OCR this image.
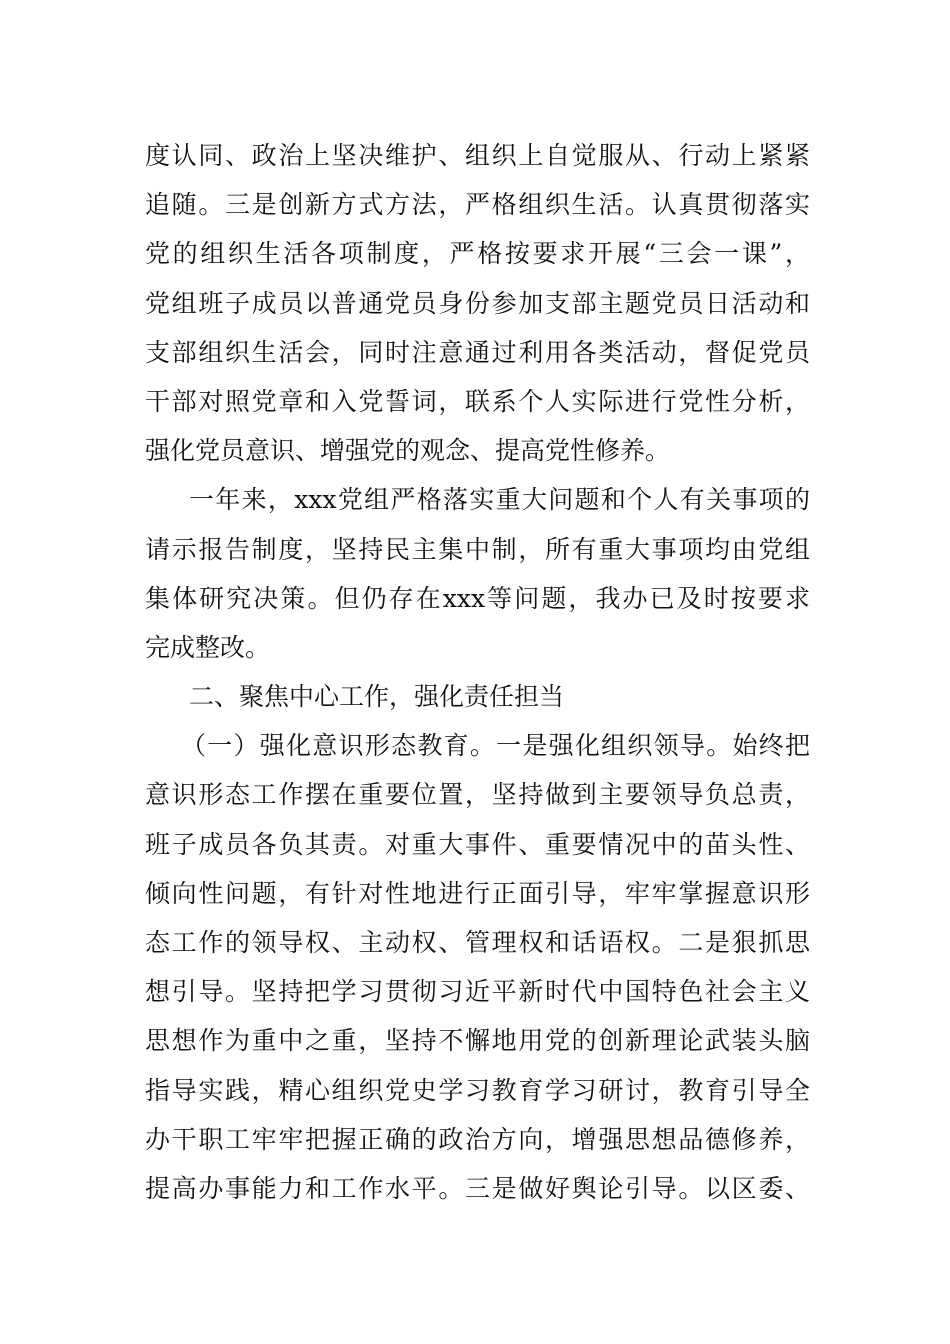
度认同、政治上坚决维护、组织上自觉服从、行动上紧紧
追随。三是创新方式方法，严格组织生活。认真贯彻落实
党的组织生活各项制度，严格按要求开展“三会一课”，
党组班子成员以普通党员身份参加支部主题党员日活动和
支部组织生活会，同时注意通过利用各类活动，督促党员
干部对照党章和入党誓词，联系个人实际进行党性分析，
强化党员意识、增强党的观念、提高党性修养。
一年来，xxx党组严格落实重大问题和个人有关事项的
请示报告制度，坚持民主集中制，所有重大事项均由党组
集体研究决策。但仍存在xxx等问题，我办已及时按要求
完成整改。
二、聚焦中心工作，强化责任担当
（一）强化意识形态教育。一是强化组织领导。始终把
意识形态工作摆在重要位置，坚持做到主要领导负总责，
班子成员各负其责。对重大事件、重要情况中的苗头性、
倾向性问题，有针对性地进行正面引导，牢牢掌握意识形
态工作的领导权、主动权、管理权和话语权。二是狠抓思
想引导。坚持把学习贯彻习近平新时代中国特色社会主义
思想作为重中之重，坚持不懈地用党的创新理论武装头脑
指导实践，精心组织党史学习教育学习研讨，教育引导全
办干职工牢牢把握正确的政治方向，增强思想品德修养，
提高办事能力和工作水平。三是做好舆论引导。以区委、
